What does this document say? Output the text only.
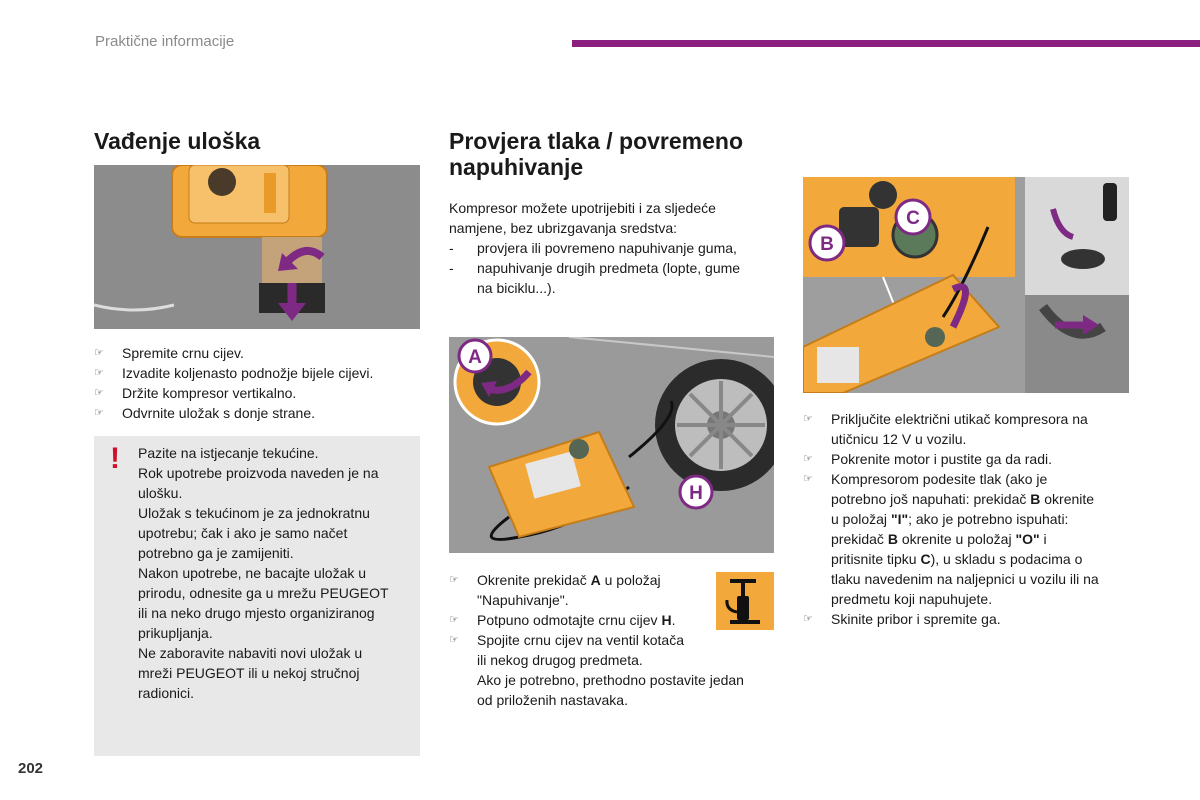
Praktične informacije
Vađenje uloška
☞ Spremite crnu cijev.
☞ Izvadite koljenasto podnožje bijele cijevi.
☞ Držite kompresor vertikalno.
☞ Odvrnite uložak s donje strane.
! Pazite na istjecanje tekućine.

Rok upotrebe proizvoda naveden je na

ulošku.

Uložak s tekućinom je za jednokratnu

upotrebu; čak i ako je samo načet

potrebno ga je zamijeniti.

Nakon upotrebe, ne bacajte uložak u

prirodu, odnesite ga u mrežu PEUGEOT

ili na neko drugo mjesto organiziranog

prikupljanja.

Ne zaboravite nabaviti novi uložak u

mreži PEUGEOT ili u nekoj stručnoj

radionici.

202
Provjera tlaka / povremeno
napuhivanje

Kompresor možete upotrijebiti i za sljedeće

namjene, bez ubrizgavanja sredstva:

- provjera ili povremeno napuhivanje guma,
- napuhivanje drugih predmeta (lopte, gume
na biciklu...).
A
H
☞ Okrenite prekidač A u položaj
"Napuhivanje".
☞ Potpuno odmotajte crnu cijev H.
☞ Spojite crnu cijev na ventil kotača
ili nekog drugog predmeta.
Ako je potrebno, prethodno postavite jedan
od priloženih nastavaka.
B
C
☞ Priključite električni utikač kompresora na
utičnicu 12 V u vozilu.
☞ Pokrenite motor i pustite ga da radi.
☞ Kompresorom podesite tlak (ako je
potrebno još napuhati: prekidač B okrenite
u položaj "I"; ako je potrebno ispuhati:
prekidač B okrenite u položaj "O" i
pritisnite tipku C), u skladu s podacima o
tlaku navedenim na naljepnici u vozilu ili na
predmetu koji napuhujete.
☞ Skinite pribor i spremite ga.
